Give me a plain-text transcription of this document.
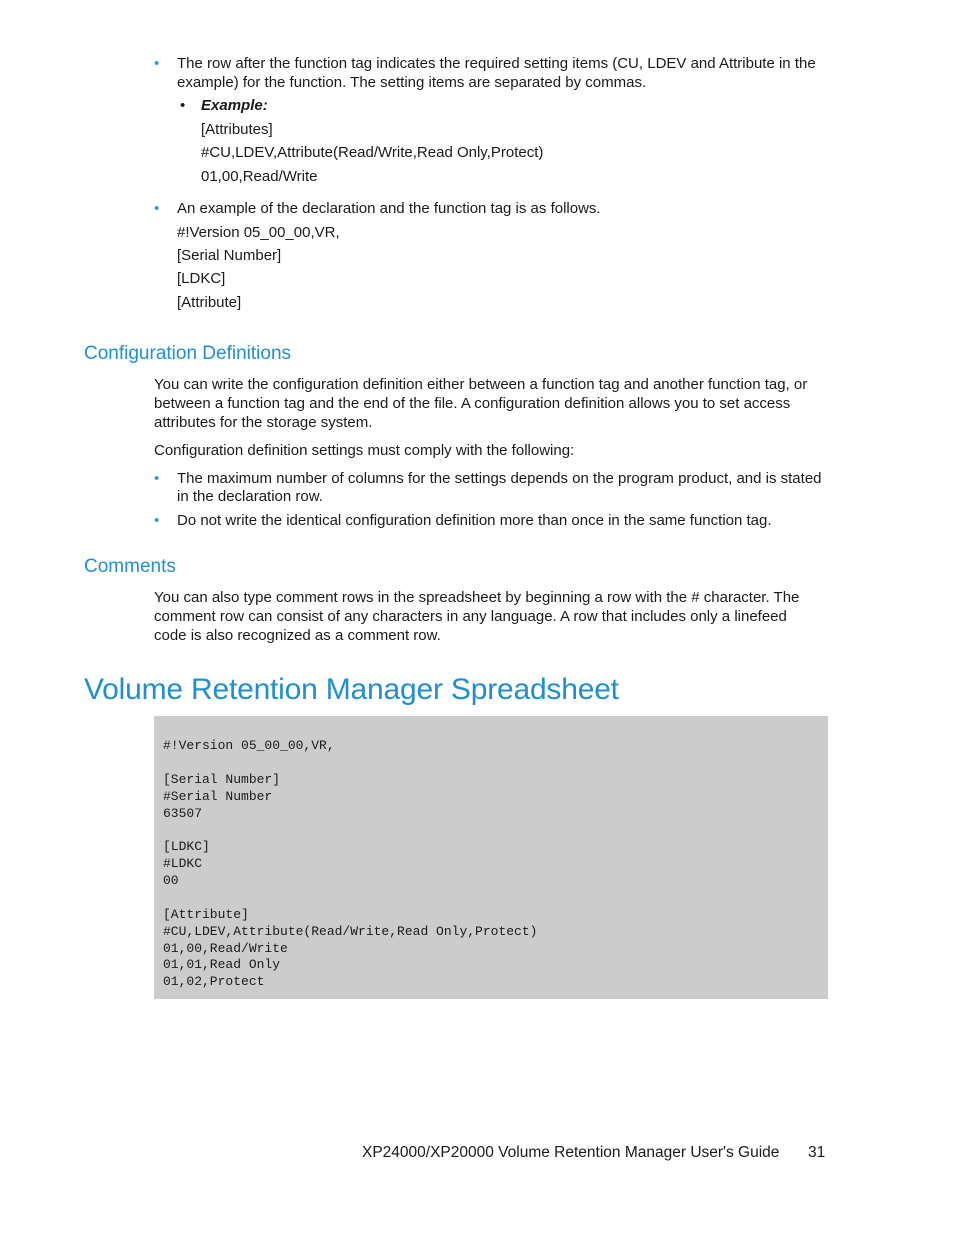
• The row after the function tag indicates the required setting items (CU, LDEV and Attribute in the

example) for the function. The setting items are separated by commas.

• Example:

[Attributes]

#CU,LDEV,Attribute(Read/Write,Read Only,Protect)

01,00,Read/Write

• An example of the declaration and the function tag is as follows.

#!Version 05_00_00,VR,

[Serial Number]

[LDKC]

[Attribute]

Configuration Definitions

You can write the configuration definition either between a function tag and another function tag, or

between a function tag and the end of the file. A configuration definition allows you to set access

attributes for the storage system.

Configuration definition settings must comply with the following:

• The maximum number of columns for the settings depends on the program product, and is stated

in the declaration row.

• Do not write the identical configuration definition more than once in the same function tag.

Comments

You can also type comment rows in the spreadsheet by beginning a row with the # character. The

comment row can consist of any characters in any language. A row that includes only a linefeed

code is also recognized as a comment row.

Volume Retention Manager Spreadsheet
#!Version 05_00_00,VR,
[Serial Number]
#Serial Number
63507
[LDKC]
#LDKC
00
[Attribute]
#CU,LDEV,Attribute(Read/Write,Read Only,Protect)
01,00,Read/Write
01,01,Read Only
01,02,Protect
XP24000/XP20000 Volume Retention Manager User's Guide 31
